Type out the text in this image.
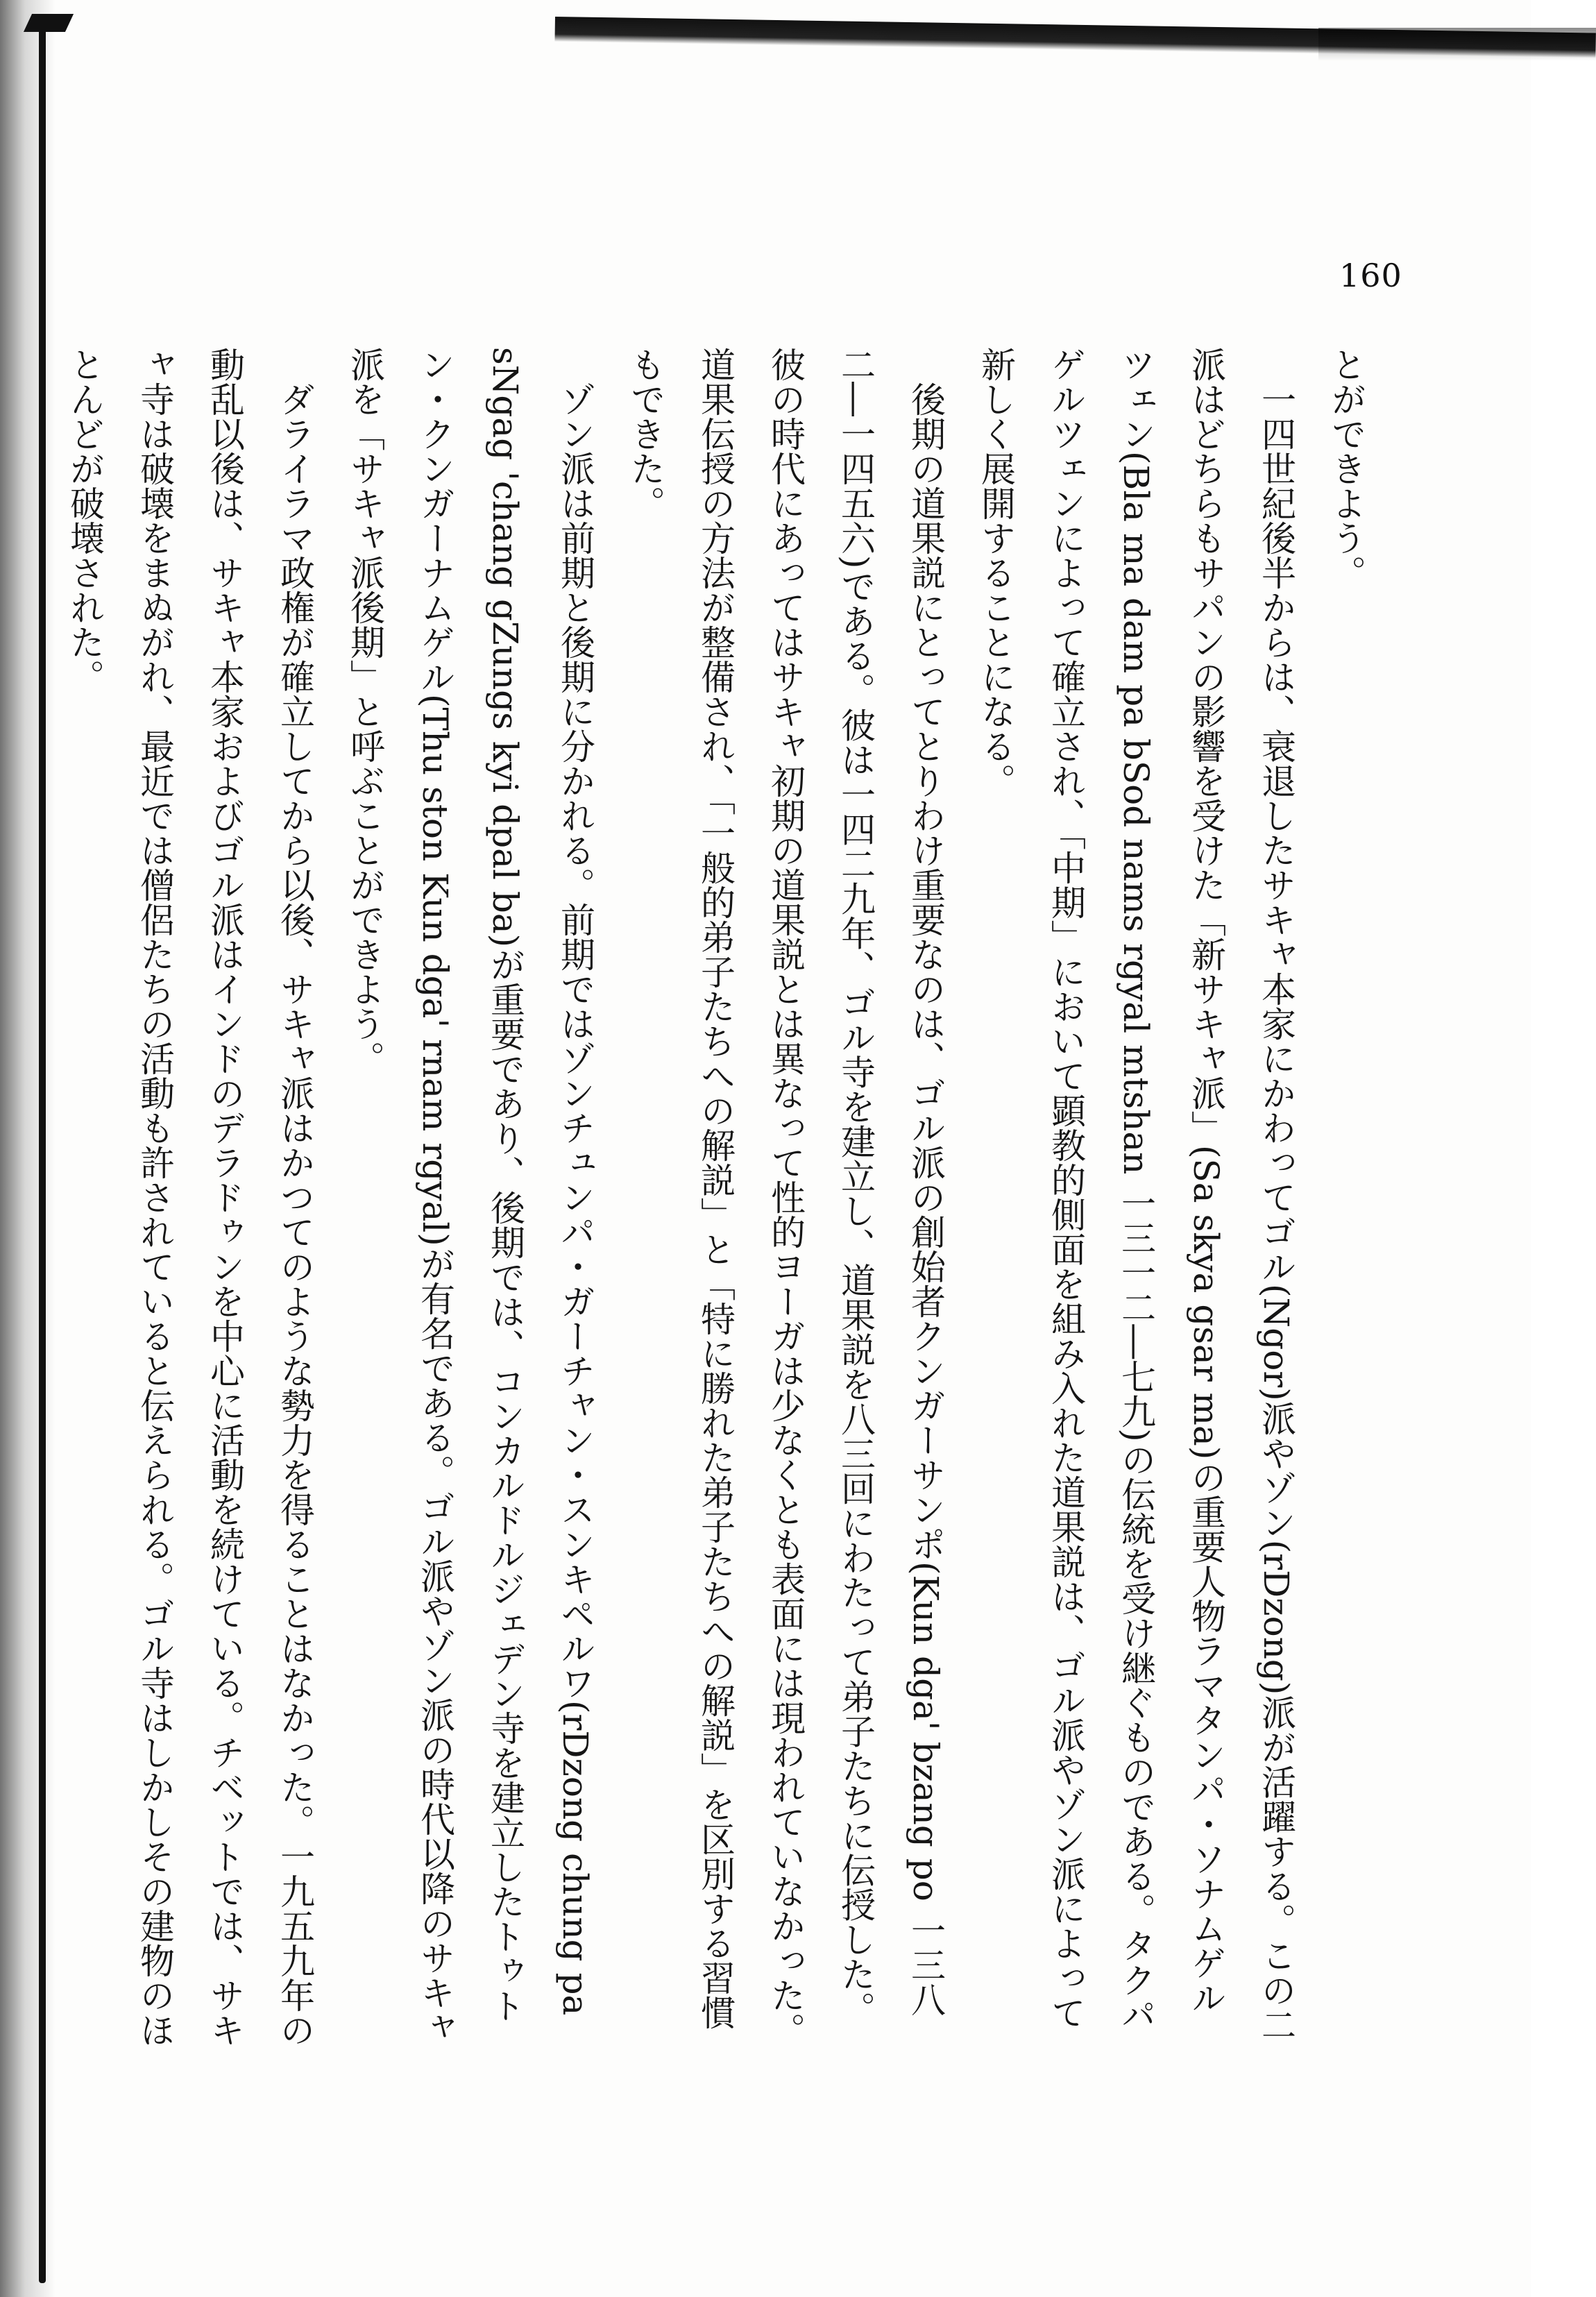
160

とができよう。

一四世紀後半からは、衰退したサキャ本家にかわってゴル(Ngor)派やゾン(rDzong)派が活躍する。この二派はどちらもサパンの影響を受けた「新サキャ派」(Sa skya gsar ma)の重要人物ラマタンパ・ソナムゲルツェン(Bla ma dam pa bSod nams rgyal mtshan 一三一二―七九)の伝統を受け継ぐものである。タクパゲルツェンによって確立され、「中期」において顕教的側面を組み入れた道果説は、ゴル派やゾン派によって新しく展開することになる。

後期の道果説にとってとりわけ重要なのは、ゴル派の創始者クンガーサンポ(Kun dga' bzang po 一三八二―一四五六)である。彼は一四二九年、ゴル寺を建立し、道果説を八三回にわたって弟子たちに伝授した。彼の時代にあってはサキャ初期の道果説とは異なって性的ヨーガは少なくとも表面には現われていなかった。道果伝授の方法が整備され、「一般的弟子たちへの解説」と「特に勝れた弟子たちへの解説」を区別する習慣もできた。

ゾン派は前期と後期に分かれる。前期ではゾンチュンパ・ガーチャン・スンキペルワ(rDzong chung pa sNgag 'chang gZungs kyi dpal ba)が重要であり、後期では、コンカルドルジェデン寺を建立したトゥトン・クンガーナムゲル(Thu ston Kun dga' rnam rgyal)が有名である。ゴル派やゾン派の時代以降のサキャ派を「サキャ派後期」と呼ぶことができよう。

ダライラマ政権が確立してから以後、サキャ派はかつてのような勢力を得ることはなかった。一九五九年の動乱以後は、サキャ本家およびゴル派はインドのデラドゥンを中心に活動を続けている。チベットでは、サキャ寺は破壊をまぬがれ、最近では僧侶たちの活動も許されていると伝えられる。ゴル寺はしかしその建物のほとんどが破壊された。
